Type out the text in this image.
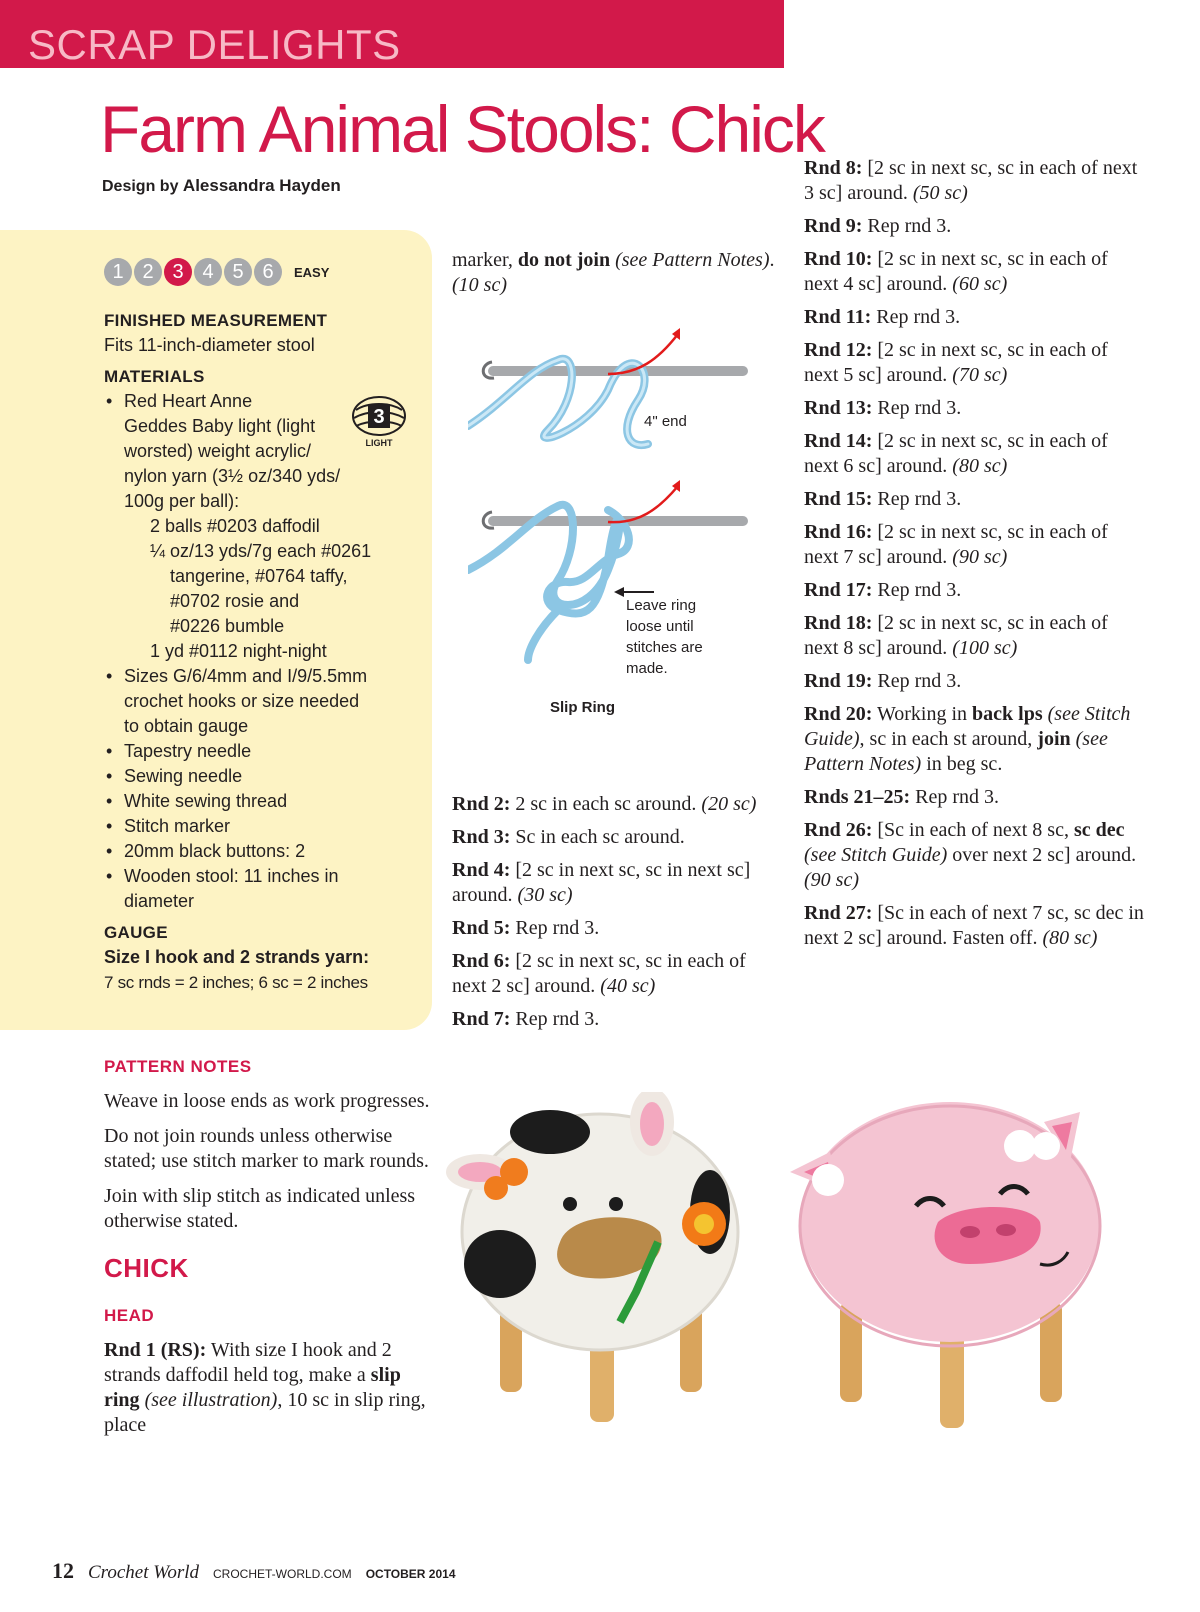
SCRAP DELIGHTS
Farm Animal Stools: Chick
Design by Alessandra Hayden
1 2 3 4 5 6	EASY
3
LIGHT
FINISHED MEASUREMENT
Fits 11-inch-diameter stool
MATERIALS
• Red Heart Anne
Geddes Baby light (light
worsted) weight acrylic/
nylon yarn (3½ oz/340 yds/
100g per ball):
2 balls #0203 daffodil
¼ oz/13 yds/7g each #0261
tangerine, #0764 taffy,
#0702 rosie and
#0226 bumble
1 yd #0112 night-night
• Sizes G/6/4mm and I/9/5.5mm
crochet hooks or size needed
to obtain gauge
• Tapestry needle
• Sewing needle
• White sewing thread
• Stitch marker
• 20mm black buttons: 2
• Wooden stool: 11 inches in
diameter
GAUGE
Size I hook and 2 strands yarn:
7 sc rnds = 2 inches; 6 sc = 2 inches
PATTERN NOTES
Weave in loose ends as work progresses.
Do not join rounds unless otherwise stated; use stitch marker to mark rounds.
Join with slip stitch as indicated unless otherwise stated.
CHICK
HEAD
Rnd 1 (RS): With size I hook and 2 strands daffodil held tog, make a slip ring (see illustration), 10 sc in slip ring, place
marker, do not join (see Pattern Notes). (10 sc)
4" end
Leave ring
loose until
stitches are
made.
Slip Ring

Rnd 2: 2 sc in each sc around. (20 sc)

Rnd 3: Sc in each sc around.

Rnd 4: [2 sc in next sc, sc in next sc] around. (30 sc)

Rnd 5: Rep rnd 3.

Rnd 6: [2 sc in next sc, sc in each of next 2 sc] around. (40 sc)

Rnd 7: Rep rnd 3.

Rnd 8: [2 sc in next sc, sc in each of next 3 sc] around. (50 sc)

Rnd 9: Rep rnd 3.

Rnd 10: [2 sc in next sc, sc in each of next 4 sc] around. (60 sc)

Rnd 11: Rep rnd 3.

Rnd 12: [2 sc in next sc, sc in each of next 5 sc] around. (70 sc)

Rnd 13: Rep rnd 3.

Rnd 14: [2 sc in next sc, sc in each of next 6 sc] around. (80 sc)

Rnd 15: Rep rnd 3.

Rnd 16: [2 sc in next sc, sc in each of next 7 sc] around. (90 sc)

Rnd 17: Rep rnd 3.

Rnd 18: [2 sc in next sc, sc in each of next 8 sc] around. (100 sc)

Rnd 19: Rep rnd 3.

Rnd 20: Working in back lps (see Stitch Guide), sc in each st around, join (see Pattern Notes) in beg sc.

Rnds 21–25: Rep rnd 3.

Rnd 26: [Sc in each of next 8 sc, sc dec (see Stitch Guide) over next 2 sc] around. (90 sc)

Rnd 27: [Sc in each of next 7 sc, sc dec in next 2 sc] around. Fasten off. (80 sc)

12 Crochet World CROCHET-WORLD.COM OCTOBER 2014
